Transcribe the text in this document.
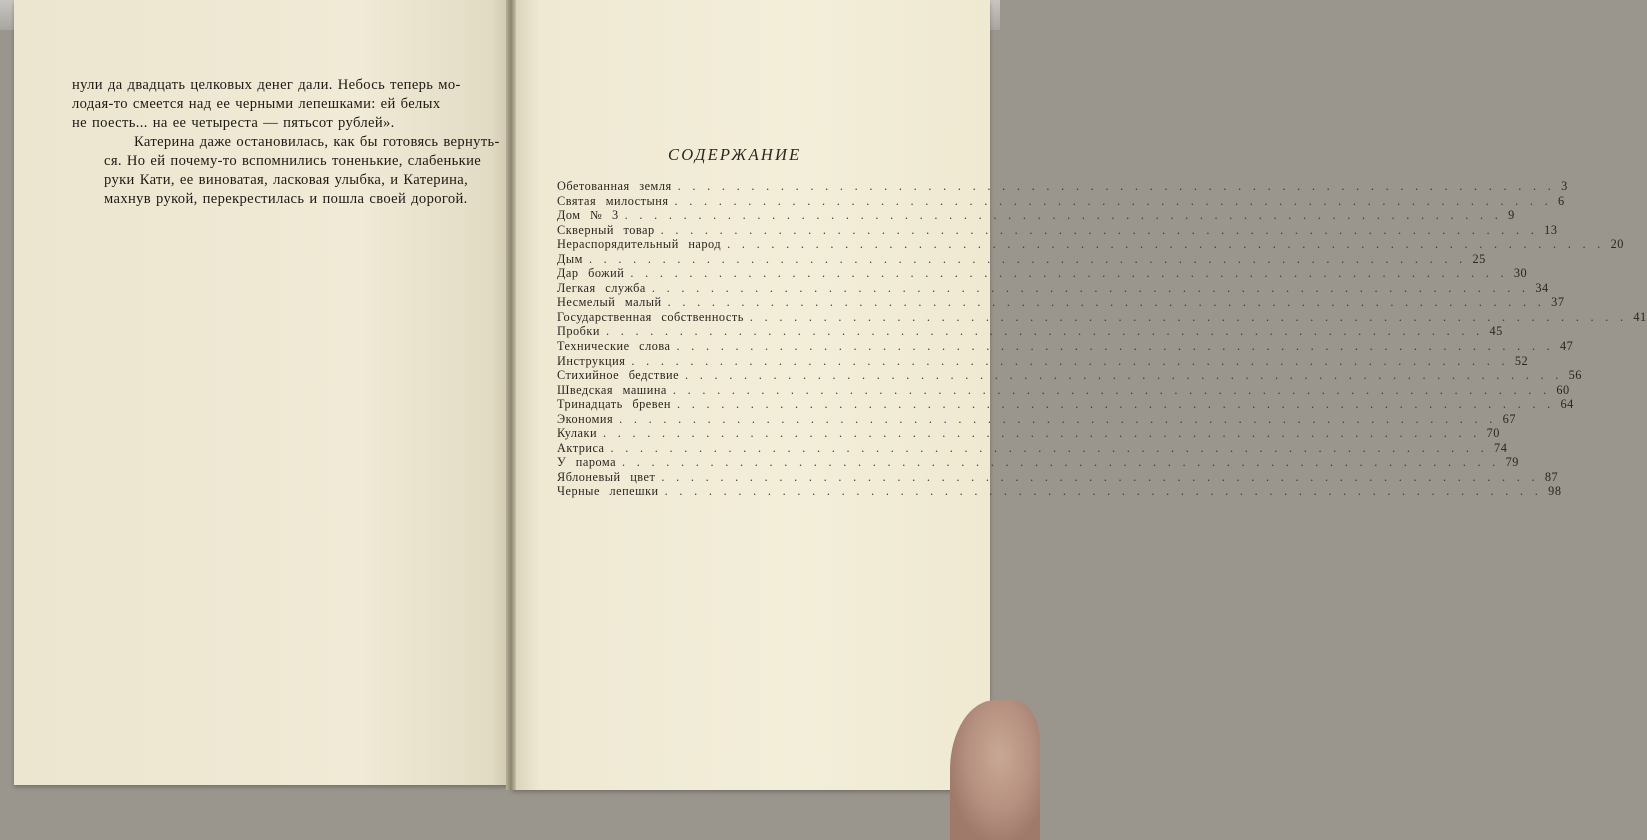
нули да двадцать целковых денег дали. Небось теперь мо-
лодая-то смеется над ее черными лепешками: ей белых
не поесть... на ее четыреста — пятьсот рублей».

Катерина даже остановилась, как бы готовясь вернуть-
ся. Но ей почему-то вспомнились тоненькие, слабенькие
руки Кати, ее виноватая, ласковая улыбка, и Катерина,
махнув рукой, перекрестилась и пошла своей дорогой.

СОДЕРЖАНИЕ
Обетованная земля . . . . . . . . . . . . . . . . . . . . . . . . . . . . . . . . . . . . . . . . . . . . . . . . . . . . . . . . . . . . 3
Святая милостыня . . . . . . . . . . . . . . . . . . . . . . . . . . . . . . . . . . . . . . . . . . . . . . . . . . . . . . . . . . . . 6
Дом № 3 . . . . . . . . . . . . . . . . . . . . . . . . . . . . . . . . . . . . . . . . . . . . . . . . . . . . . . . . . . . . 9
Скверный товар . . . . . . . . . . . . . . . . . . . . . . . . . . . . . . . . . . . . . . . . . . . . . . . . . . . . . . . . . . . . 13
Нераспорядительный народ . . . . . . . . . . . . . . . . . . . . . . . . . . . . . . . . . . . . . . . . . . . . . . . . . . . . . . . . . . . . 20
Дым . . . . . . . . . . . . . . . . . . . . . . . . . . . . . . . . . . . . . . . . . . . . . . . . . . . . . . . . . . . . 25
Дар божий . . . . . . . . . . . . . . . . . . . . . . . . . . . . . . . . . . . . . . . . . . . . . . . . . . . . . . . . . . . . 30
Легкая служба . . . . . . . . . . . . . . . . . . . . . . . . . . . . . . . . . . . . . . . . . . . . . . . . . . . . . . . . . . . . 34
Несмелый малый . . . . . . . . . . . . . . . . . . . . . . . . . . . . . . . . . . . . . . . . . . . . . . . . . . . . . . . . . . . . 37
Государственная собственность . . . . . . . . . . . . . . . . . . . . . . . . . . . . . . . . . . . . . . . . . . . . . . . . . . . . . . . . . . . . 41
Пробки . . . . . . . . . . . . . . . . . . . . . . . . . . . . . . . . . . . . . . . . . . . . . . . . . . . . . . . . . . . . 45
Технические слова . . . . . . . . . . . . . . . . . . . . . . . . . . . . . . . . . . . . . . . . . . . . . . . . . . . . . . . . . . . . 47
Инструкция . . . . . . . . . . . . . . . . . . . . . . . . . . . . . . . . . . . . . . . . . . . . . . . . . . . . . . . . . . . . 52
Стихийное бедствие . . . . . . . . . . . . . . . . . . . . . . . . . . . . . . . . . . . . . . . . . . . . . . . . . . . . . . . . . . . . 56
Шведская машина . . . . . . . . . . . . . . . . . . . . . . . . . . . . . . . . . . . . . . . . . . . . . . . . . . . . . . . . . . . . 60
Тринадцать бревен . . . . . . . . . . . . . . . . . . . . . . . . . . . . . . . . . . . . . . . . . . . . . . . . . . . . . . . . . . . . 64
Экономия . . . . . . . . . . . . . . . . . . . . . . . . . . . . . . . . . . . . . . . . . . . . . . . . . . . . . . . . . . . . 67
Кулаки . . . . . . . . . . . . . . . . . . . . . . . . . . . . . . . . . . . . . . . . . . . . . . . . . . . . . . . . . . . . 70
Актриса . . . . . . . . . . . . . . . . . . . . . . . . . . . . . . . . . . . . . . . . . . . . . . . . . . . . . . . . . . . . 74
У парома . . . . . . . . . . . . . . . . . . . . . . . . . . . . . . . . . . . . . . . . . . . . . . . . . . . . . . . . . . . . 79
Яблоневый цвет . . . . . . . . . . . . . . . . . . . . . . . . . . . . . . . . . . . . . . . . . . . . . . . . . . . . . . . . . . . . 87
Черные лепешки . . . . . . . . . . . . . . . . . . . . . . . . . . . . . . . . . . . . . . . . . . . . . . . . . . . . . . . . . . . . 98
